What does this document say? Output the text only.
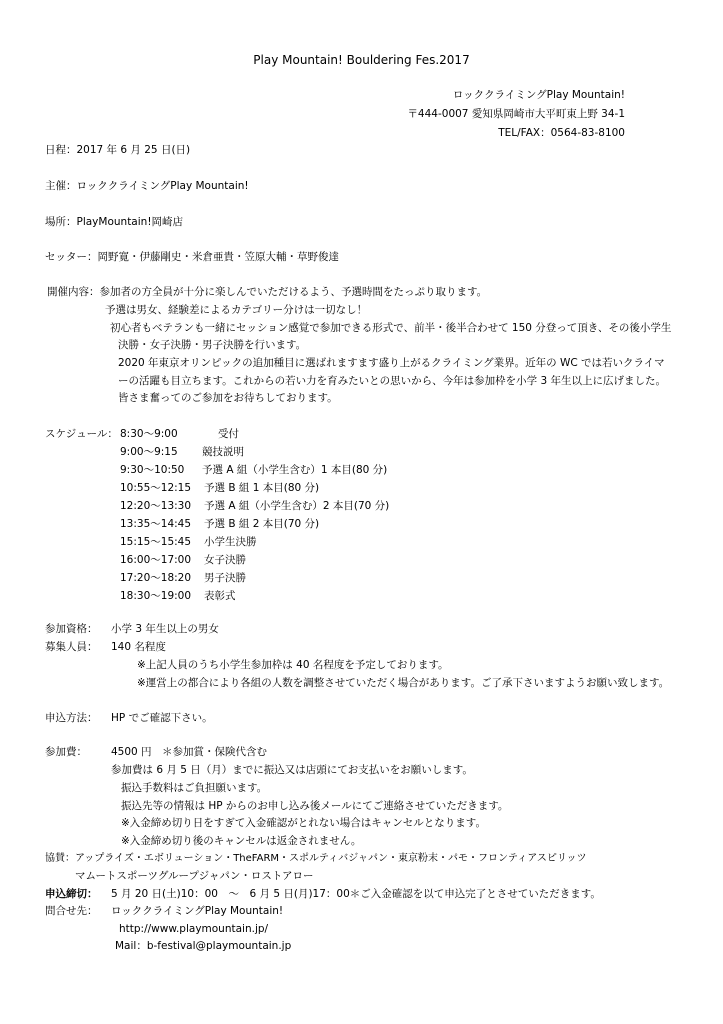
Play Mountain! Bouldering Fes.2017
ロッククライミングPlay Mountain!
〒444-0007 愛知県岡崎市大平町東上野 34-1
TEL/FAX：0564-83-8100
日程：2017 年 6 月 25 日(日)
主催：ロッククライミングPlay Mountain!
場所：PlayMountain!岡崎店
セッター：岡野寛・伊藤剛史・米倉亜貴・笠原大輔・草野俊達
開催内容：参加者の方全員が十分に楽しんでいただけるよう、予選時間をたっぷり取ります。
予選は男女、経験差によるカテゴリー分けは一切なし！
初心者もベテランも一緒にセッション感覚で参加できる形式で、前半・後半合わせて 150 分登って頂き、その後小学生
決勝・女子決勝・男子決勝を行います。
2020 年東京オリンピックの追加種目に選ばれますます盛り上がるクライミング業界。近年の WC では若いクライマ
ーの活躍も目立ちます。これからの若い力を育みたいとの思いから、今年は参加枠を小学 3 年生以上に広げました。
皆さま奮ってのご参加をお待ちしております。
スケジュール： 8:30～9:00	受付
9:00～9:15 競技説明
9:30～10:50 予選 A 組（小学生含む）1 本目(80 分)
10:55～12:15 予選 B 組 1 本目(80 分)
12:20～13:30 予選 A 組（小学生含む）2 本目(70 分)
13:35～14:45 予選 B 組 2 本目(70 分)
15:15～15:45 小学生決勝
16:00～17:00 女子決勝
17:20～18:20 男子決勝
18:30～19:00 表彰式
参加資格： 小学 3 年生以上の男女
募集人員： 140 名程度
※上記人員のうち小学生参加枠は 40 名程度を予定しております。
※運営上の都合により各組の人数を調整させていただく場合があります。ご了承下さいますようお願い致します。
申込方法： HP でご確認下さい。
参加費： 4500 円　＊参加賞・保険代含む
参加費は 6 月 5 日（月）までに振込又は店頭にてお支払いをお願いします。
振込手数料はご負担願います。
振込先等の情報は HP からのお申し込み後メールにてご連絡させていただきます。
※入金締め切り日をすぎて入金確認がとれない場合はキャンセルとなります。
※入金締め切り後のキャンセルは返金されません。
協賛：アップライズ・エボリューション・TheFARM・スポルティバジャパン・東京粉末・パモ・フロンティアスピリッツ
マムートスポーツグループジャパン・ロストアロー
申込締切： 5 月 20 日(土)10：00　～　6 月 5 日(月)17：00＊ご入金確認を以て申込完了とさせていただきます。
問合せ先： ロッククライミングPlay Mountain!
http://www.playmountain.jp/
Mail：b-festival@playmountain.jp
